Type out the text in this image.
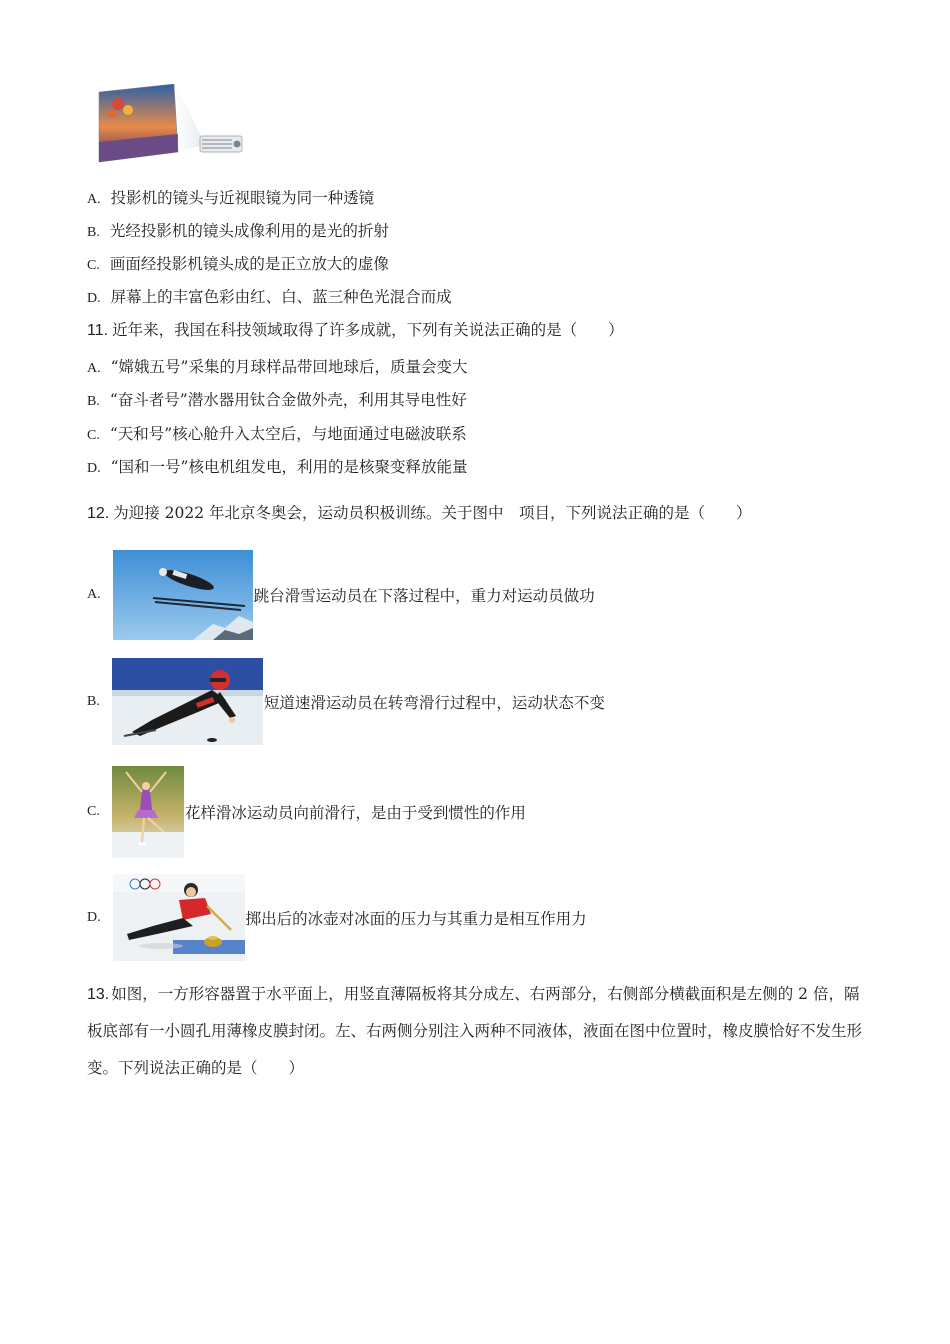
A. 投影机的镜头与近视眼镜为同一种透镜
B. 光经投影机的镜头成像利用的是光的折射
C. 画面经投影机镜头成的是正立放大的虚像
D. 屏幕上的丰富色彩由红、白、蓝三种色光混合而成
11. 近年来，我国在科技领域取得了许多成就，下列有关说法正确的是（　　）
A. “嫦娥五号”采集的月球样品带回地球后，质量会变大
B. “奋斗者号”潜水器用钛合金做外壳，利用其导电性好
C. “天和号”核心舱升入太空后，与地面通过电磁波联系
D. “国和一号”核电机组发电，利用的是核聚变释放能量
12. 为迎接 2022 年北京冬奥会，运动员积极训练。关于图中　项目，下列说法正确的是（　　）
A.	跳台滑雪运动员在下落过程中，重力对运动员做功
B.	短道速滑运动员在转弯滑行过程中，运动状态不变
C.	花样滑冰运动员向前滑行，是由于受到惯性的作用
D.	掷出后的冰壶对冰面的压力与其重力是相互作用力
13. 如图，一方形容器置于水平面上，用竖直薄隔板将其分成左、右两部分，右侧部分横截面积是左侧的 2 倍，隔板底部有一小圆孔用薄橡皮膜封闭。左、右两侧分别注入两种不同液体，液面在图中位置时，橡皮膜恰好不发生形变。下列说法正确的是（　　）
